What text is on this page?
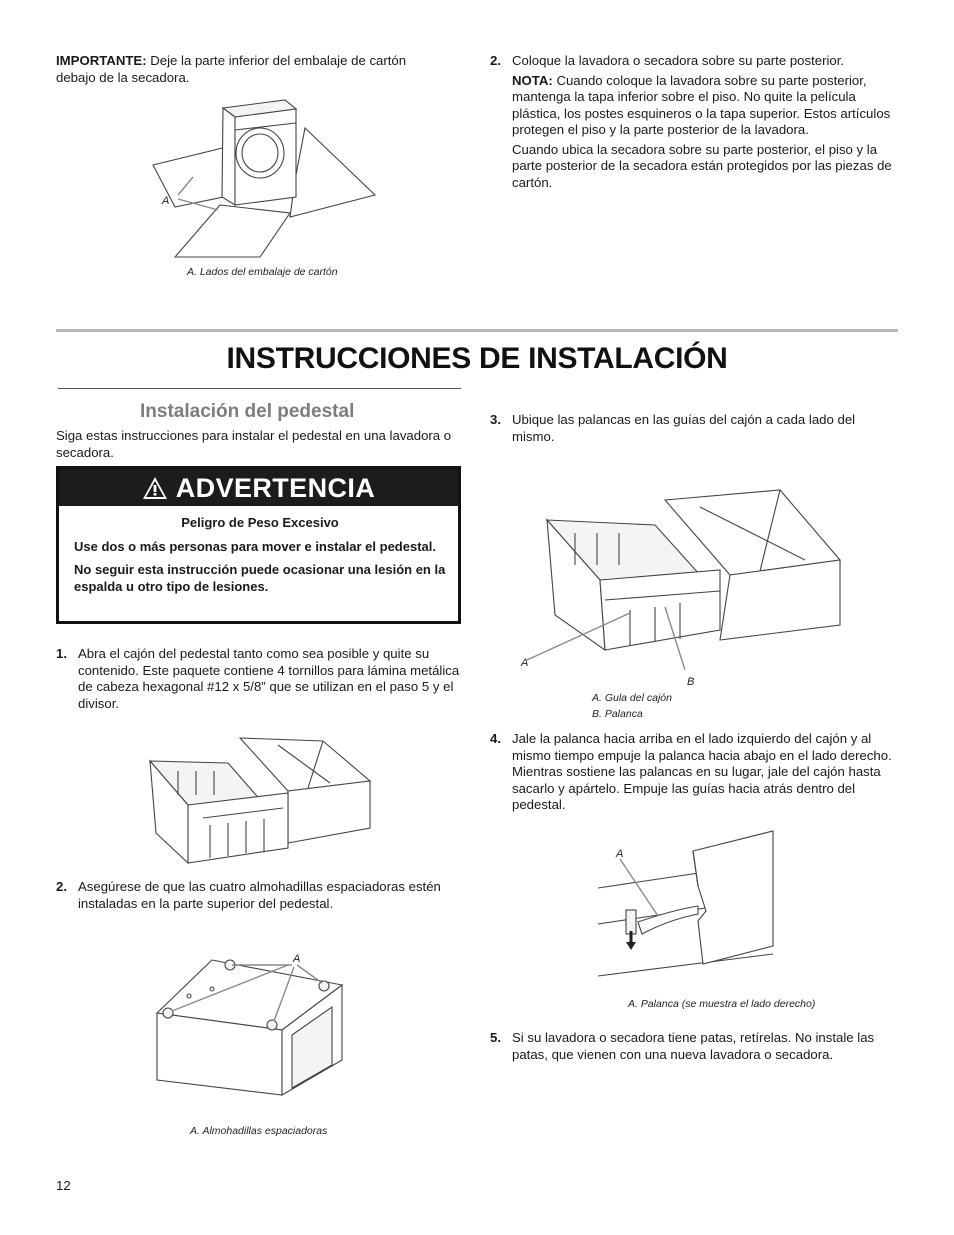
IMPORTANTE: Deje la parte inferior del embalaje de cartón debajo de la secadora.

A

A. Lados del embalaje de cartón

2. Coloque la lavadora o secadora sobre su parte posterior.

NOTA: Cuando coloque la lavadora sobre su parte posterior, mantenga la tapa inferior sobre el piso. No quite la película plástica, los postes esquineros o la tapa superior. Estos artículos protegen el piso y la parte posterior de la lavadora.

Cuando ubica la secadora sobre su parte posterior, el piso y la parte posterior de la secadora están protegidos por las piezas de cartón.

INSTRUCCIONES DE INSTALACIÓN
Instalación del pedestal

Siga estas instrucciones para instalar el pedestal en una lavadora o secadora.

ADVERTENCIA

Peligro de Peso Excesivo

Use dos o más personas para mover e instalar el pedestal.

No seguir esta instrucción puede ocasionar una lesión en la espalda u otro tipo de lesiones.

1. Abra el cajón del pedestal tanto como sea posible y quite su contenido. Este paquete contiene 4 tornillos para lámina metálica de cabeza hexagonal #12 x 5/8” que se utilizan en el paso 5 y el divisor.

2. Asegúrese de que las cuatro almohadillas espaciadoras estén instaladas en la parte superior del pedestal.

A

A. Almohadillas espaciadoras

3. Ubique las palancas en las guías del cajón a cada lado del mismo.

A
B

A. Gula del cajón

B. Palanca

4. Jale la palanca hacia arriba en el lado izquierdo del cajón y al mismo tiempo empuje la palanca hacia abajo en el lado derecho. Mientras sostiene las palancas en su lugar, jale del cajón hasta sacarlo y apártelo. Empuje las guías hacia atrás dentro del pedestal.

A

A. Palanca (se muestra el lado derecho)

5. Si su lavadora o secadora tiene patas, retírelas. No instale las patas, que vienen con una nueva lavadora o secadora.

12
